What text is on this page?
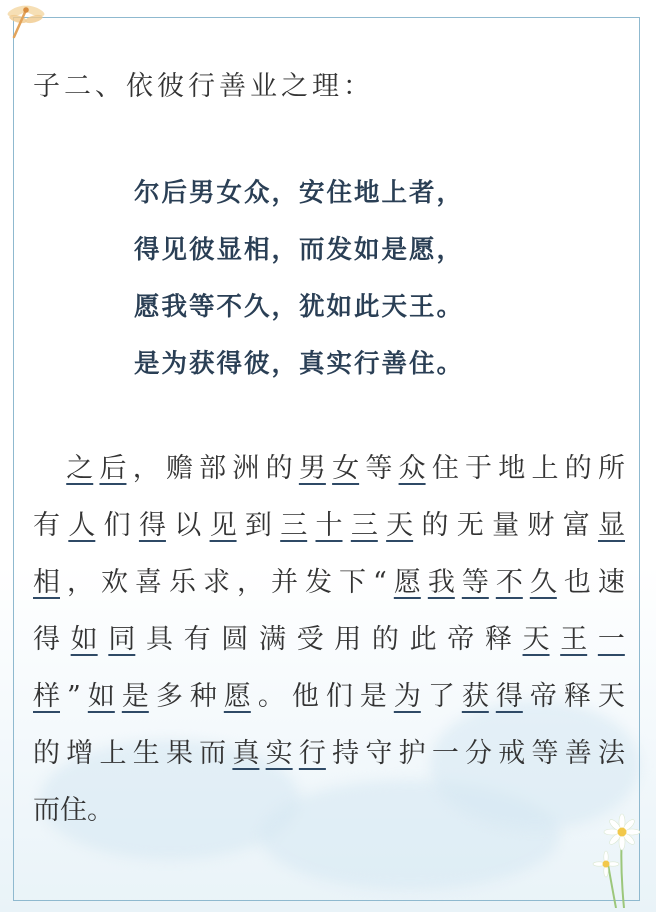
子二、依彼行善业之理：
尔后男女众，安住地上者，
得见彼显相，而发如是愿，
愿我等不久，犹如此天王。
是为获得彼，真实行善住。

之 后 ， 赡 部 洲 的 男 女 等 众 住 于 地 上 的 所
有 人 们 得 以 见 到 三 十 三 天 的 无 量 财 富 显
相 ， 欢 喜 乐 求 ， 并 发 下 “ 愿 我 等 不 久 也 速
得 如 同 具 有 圆 满 受 用 的 此 帝 释 天 王 一
样 ” 如 是 多 种 愿 。 他 们 是 为 了 获 得 帝 释 天
的 增 上 生 果 而 真 实 行 持 守 护 一 分 戒 等 善 法
而 住 。
